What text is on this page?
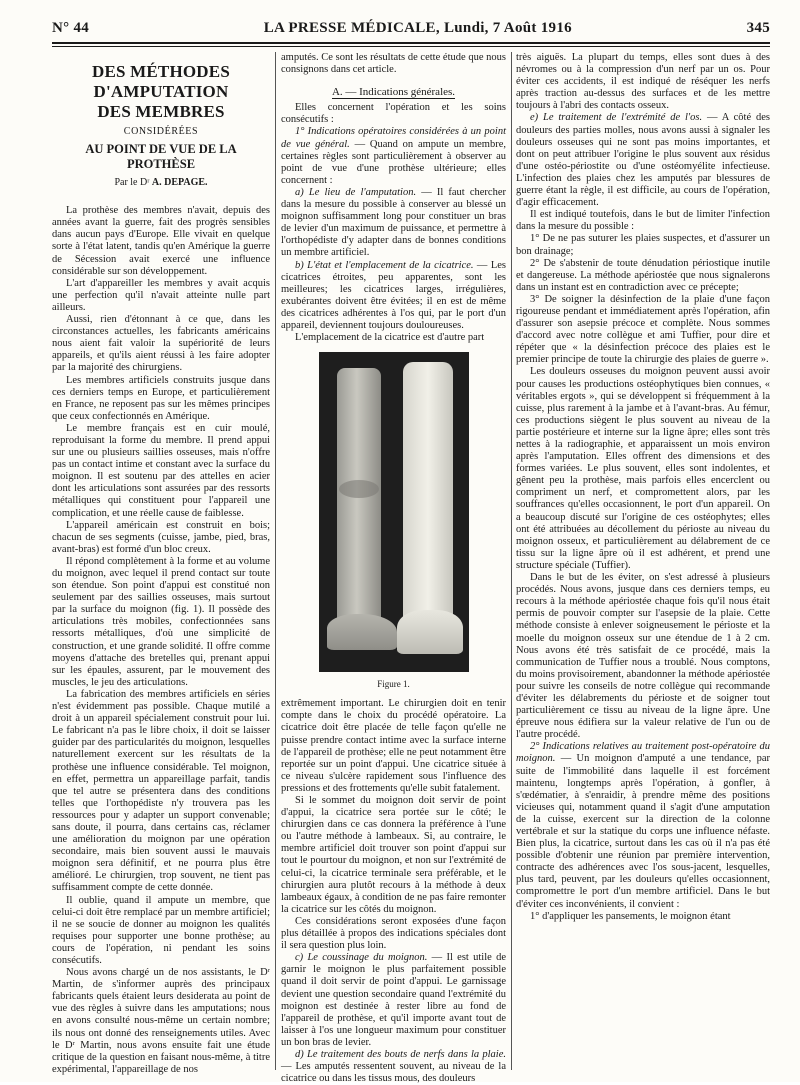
N° 44	LA PRESSE MÉDICALE, Lundi, 7 Août 1916	345
DES MÉTHODES D'AMPUTATION
DES MEMBRES
CONSIDÉRÉES
AU POINT DE VUE DE LA PROTHÈSE
Par le Dʳ A. DEPAGE.

La prothèse des membres n'avait, depuis des années avant la guerre, fait des progrès sensibles dans aucun pays d'Europe. Elle vivait en quelque sorte à l'état latent, tandis qu'en Amérique la guerre de Sécession avait exercé une influence considérable sur son développement.

L'art d'appareiller les membres y avait acquis une perfection qu'il n'avait atteinte nulle part ailleurs.

Aussi, rien d'étonnant à ce que, dans les circonstances actuelles, les fabricants américains nous aient fait valoir la supériorité de leurs appareils, et qu'ils aient réussi à les faire adopter par la majorité des chirurgiens.

Les membres artificiels construits jusque dans ces derniers temps en Europe, et particulièrement en France, ne reposent pas sur les mêmes principes que ceux confectionnés en Amérique.

Le membre français est en cuir moulé, reproduisant la forme du membre. Il prend appui sur une ou plusieurs saillies osseuses, mais n'offre pas un contact intime et constant avec la surface du moignon. Il est soutenu par des attelles en acier dont les articulations sont assurées par des ressorts métalliques qui constituent pour l'appareil une complication, et une réelle cause de faiblesse.

L'appareil américain est construit en bois; chacun de ses segments (cuisse, jambe, pied, bras, avant-bras) est formé d'un bloc creux.

Il répond complètement à la forme et au volume du moignon, avec lequel il prend contact sur toute son étendue. Son point d'appui est constitué non seulement par des saillies osseuses, mais surtout par la surface du moignon (fig. 1). Il possède des articulations très mobiles, confectionnées sans ressorts métalliques, d'où une simplicité de construction, et une grande solidité. Il offre comme moyens d'attache des bretelles qui, prenant appui sur les épaules, assurent, par le mouvement des muscles, le jeu des articulations.

La fabrication des membres artificiels en séries n'est évidemment pas possible. Chaque mutilé a droit à un appareil spécialement construit pour lui. Le fabricant n'a pas le libre choix, il doit se laisser guider par des particularités du moignon, lesquelles naturellement exercent sur les résultats de la prothèse une influence considérable. Tel moignon, en effet, permettra un appareillage parfait, tandis que tel autre se présentera dans des conditions telles que l'orthopédiste n'y trouvera pas les ressources pour y adapter un support convenable; sans doute, il pourra, dans certains cas, réclamer une amélioration du moignon par une opération secondaire, mais bien souvent aussi le mauvais moignon sera définitif, et ne pourra plus être amélioré. Le chirurgien, trop souvent, ne tient pas suffisamment compte de cette donnée.

Il oublie, quand il ampute un membre, que celui-ci doit être remplacé par un membre artificiel; il ne se soucie de donner au moignon les qualités requises pour supporter une bonne prothèse; au cours de l'opération, ni pendant les soins consécutifs.

Nous avons chargé un de nos assistants, le Dʳ Martin, de s'informer auprès des principaux fabricants quels étaient leurs desiderata au point de vue des règles à suivre dans les amputations; nous en avons consulté nous-même un certain nombre; ils nous ont donné des renseignements utiles. Avec le Dʳ Martin, nous avons ensuite fait une étude critique de la question en faisant nous-même, à titre expérimental, l'appareillage de nos

amputés. Ce sont les résultats de cette étude que nous consignons dans cet article.

A. — Indications générales.

Elles concernent l'opération et les soins consécutifs :

1° Indications opératoires considérées à un point de vue général. — Quand on ampute un membre, certaines règles sont particulièrement à observer au point de vue d'une prothèse ultérieure; elles concernent :

a) Le lieu de l'amputation. — Il faut chercher dans la mesure du possible à conserver au blessé un moignon suffisamment long pour constituer un bras de levier d'un maximum de puissance, et permettre à l'orthopédiste d'y adapter dans de bonnes conditions un membre artificiel.

b) L'état et l'emplacement de la cicatrice. — Les cicatrices étroites, peu apparentes, sont les meilleures; les cicatrices larges, irrégulières, exubérantes doivent être évitées; il en est de même des cicatrices adhérentes à l'os qui, par le port d'un appareil, deviennent toujours douloureuses.

L'emplacement de la cicatrice est d'autre part

Figure 1.

extrêmement important. Le chirurgien doit en tenir compte dans le choix du procédé opératoire. La cicatrice doit être placée de telle façon qu'elle ne puisse prendre contact intime avec la surface interne de l'appareil de prothèse; elle ne peut notamment être reportée sur un point d'appui. Une cicatrice située à ce niveau s'ulcère rapidement sous l'influence des pressions et des frottements qu'elle subit fatalement.

Si le sommet du moignon doit servir de point d'appui, la cicatrice sera portée sur le côté; le chirurgien dans ce cas donnera la préférence à l'une ou l'autre méthode à lambeaux. Si, au contraire, le membre artificiel doit trouver son point d'appui sur tout le pourtour du moignon, et non sur l'extrémité de celui-ci, la cicatrice terminale sera préférable, et le chirurgien aura plutôt recours à la méthode à deux lambeaux égaux, à condition de ne pas faire remonter la cicatrice sur les côtés du moignon.

Ces considérations seront exposées d'une façon plus détaillée à propos des indications spéciales dont il sera question plus loin.

c) Le coussinage du moignon. — Il est utile de garnir le moignon le plus parfaitement possible quand il doit servir de point d'appui. Le garnissage devient une question secondaire quand l'extrémité du moignon est destinée à rester libre au fond de l'appareil de prothèse, et qu'il importe avant tout de laisser à l'os une longueur maximum pour constituer un bon bras de levier.

d) Le traitement des bouts de nerfs dans la plaie. — Les amputés ressentent souvent, au niveau de la cicatrice ou dans les tissus mous, des douleurs

très aiguës. La plupart du temps, elles sont dues à des névromes ou à la compression d'un nerf par un os. Pour éviter ces accidents, il est indiqué de réséquer les nerfs après traction au-dessus des surfaces et de les mettre toujours à l'abri des contacts osseux.

e) Le traitement de l'extrémité de l'os. — A côté des douleurs des parties molles, nous avons aussi à signaler les douleurs osseuses qui ne sont pas moins importantes, et dont on peut attribuer l'origine le plus souvent aux résidus d'une ostéo-périostite ou d'une ostéomyélite infectieuse. L'infection des plaies chez les amputés par blessures de guerre étant la règle, il est difficile, au cours de l'opération, d'agir efficacement.

Il est indiqué toutefois, dans le but de limiter l'infection dans la mesure du possible :

1° De ne pas suturer les plaies suspectes, et d'assurer un bon drainage;

2° De s'abstenir de toute dénudation périostique inutile et dangereuse. La méthode apériostée que nous signalerons dans un instant est en contradiction avec ce précepte;

3° De soigner la désinfection de la plaie d'une façon rigoureuse pendant et immédiatement après l'opération, afin d'assurer son asepsie précoce et complète. Nous sommes d'accord avec notre collègue et ami Tuffier, pour dire et répéter que « la désinfection précoce des plaies est le premier principe de toute la chirurgie des plaies de guerre ».

Les douleurs osseuses du moignon peuvent aussi avoir pour causes les productions ostéophytiques bien connues, « véritables ergots », qui se développent si fréquemment à la cuisse, plus rarement à la jambe et à l'avant-bras. Au fémur, ces productions siègent le plus souvent au niveau de la partie postérieure et interne sur la ligne âpre; elles sont très nettes à la radiographie, et apparaissent un mois environ après l'amputation. Elles offrent des dimensions et des formes variées. Le plus souvent, elles sont indolentes, et gênent peu la prothèse, mais parfois elles encerclent ou compriment un nerf, et compromettent alors, par les souffrances qu'elles occasionnent, le port d'un appareil. On a beaucoup discuté sur l'origine de ces ostéophytes; elles ont été attribuées au décollement du périoste au niveau du moignon osseux, et particulièrement au délabrement de ce tissu sur la ligne âpre où il est adhérent, et prend une structure spéciale (Tuffier).

Dans le but de les éviter, on s'est adressé à plusieurs procédés. Nous avons, jusque dans ces derniers temps, eu recours à la méthode apériostée chaque fois qu'il nous était permis de pouvoir compter sur l'asepsie de la plaie. Cette méthode consiste à enlever soigneusement le périoste et la moelle du moignon osseux sur une étendue de 1 à 2 cm. Nous avons été très satisfait de ce procédé, mais la communication de Tuffier nous a troublé. Nous comptons, du moins provisoirement, abandonner la méthode apériostée pour suivre les conseils de notre collègue qui recommande d'éviter les délabrements du périoste et de soigner tout particulièrement ce tissu au niveau de la ligne âpre. Une épreuve nous édifiera sur la valeur relative de l'un ou de l'autre procédé.

2° Indications relatives au traitement post-opératoire du moignon. — Un moignon d'amputé a une tendance, par suite de l'immobilité dans laquelle il est forcément maintenu, longtemps après l'opération, à gonfler, à s'œdématier, à s'enraidir, à prendre même des positions vicieuses qui, notamment quand il s'agit d'une amputation de la cuisse, exercent sur la direction de la colonne vertébrale et sur la statique du corps une influence néfaste. Bien plus, la cicatrice, surtout dans les cas où il n'a pas été possible d'obtenir une réunion par première intervention, contracte des adhérences avec l'os sous-jacent, lesquelles, plus tard, peuvent, par les douleurs qu'elles occasionnent, compromettre le port d'un membre artificiel. Dans le but d'éviter ces inconvénients, il convient :

1° d'appliquer les pansements, le moignon étant
